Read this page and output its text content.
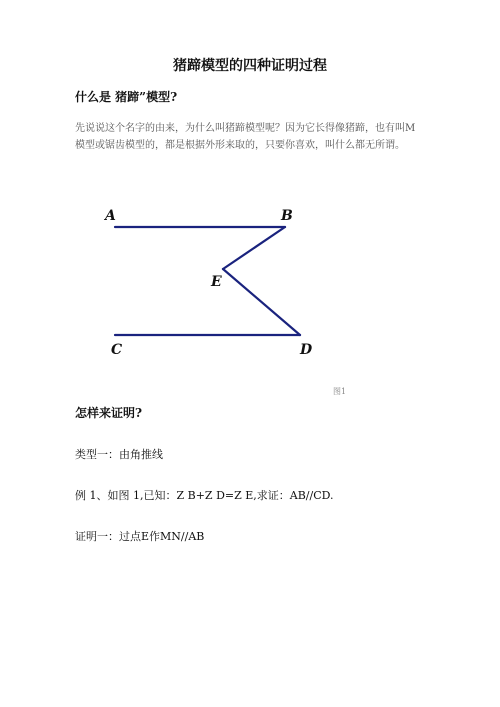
猪蹄模型的四种证明过程
什么是 猪蹄”模型?
先说说这个名字的由来，为什么叫猪蹄模型呢？因为它长得像猪蹄，也有叫M
模型或锯齿模型的，都是根据外形来取的，只要你喜欢，叫什么都无所谓。
A	B
E
C	D
图1
怎样来证明?
类型一：由角推线
例 1、如图 1,已知：Z B+Z D=Z E,求证：AB//CD.
证明一：过点E作MN//AB
